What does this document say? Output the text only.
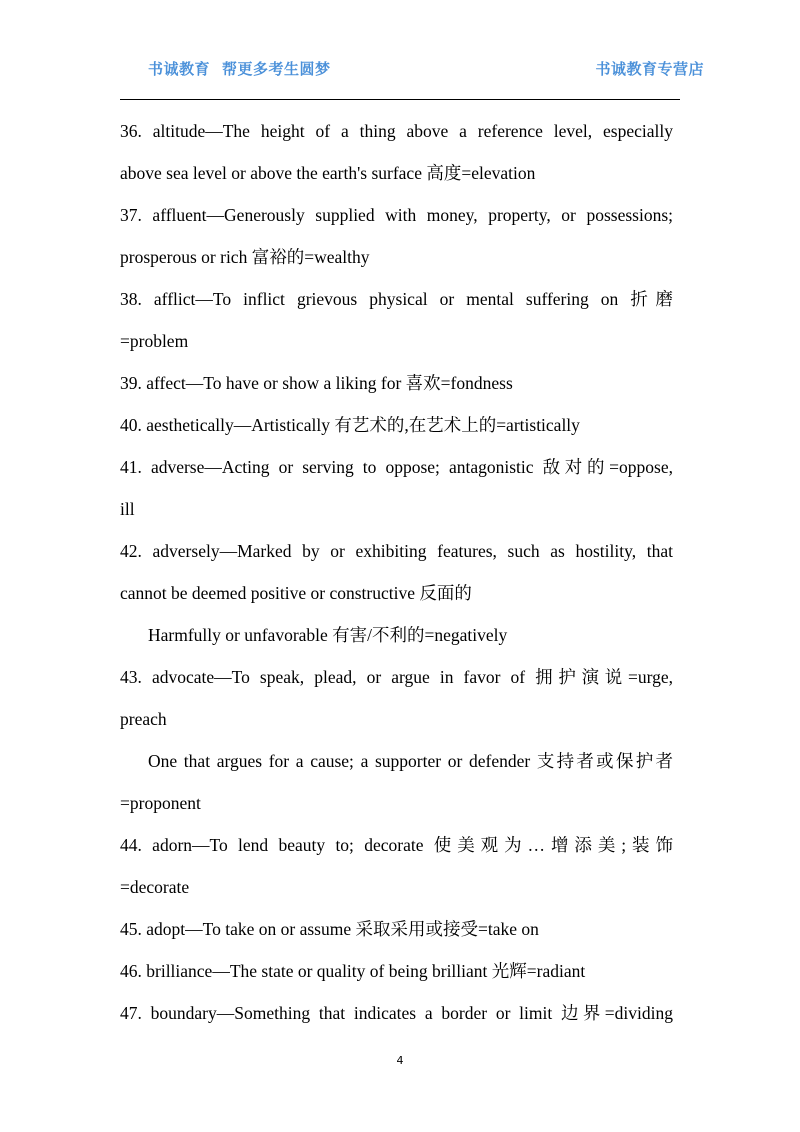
书诚教育 帮更多考生圆梦	书诚教育专营店
36. altitude—The height of a thing above a reference level, especially
above sea level or above the earth's surface 高度=elevation
37. affluent—Generously supplied with money, property, or possessions;
prosperous or rich 富裕的=wealthy
38. afflict—To inflict grievous physical or mental suffering on 折磨
=problem
39. affect—To have or show a liking for 喜欢=fondness
40. aesthetically—Artistically 有艺术的,在艺术上的=artistically
41. adverse—Acting or serving to oppose; antagonistic 敌对的=oppose,
ill
42. adversely—Marked by or exhibiting features, such as hostility, that
cannot be deemed positive or constructive 反面的
Harmfully or unfavorable 有害/不利的=negatively
43. advocate—To speak, plead, or argue in favor of 拥护演说=urge,
preach
One that argues for a cause; a supporter or defender 支持者或保护者
=proponent
44. adorn—To lend beauty to; decorate 使美观为…增添美;装饰
=decorate
45. adopt—To take on or assume 采取采用或接受=take on
46. brilliance—The state or quality of being brilliant 光辉=radiant
47. boundary—Something that indicates a border or limit 边界=dividing
4
